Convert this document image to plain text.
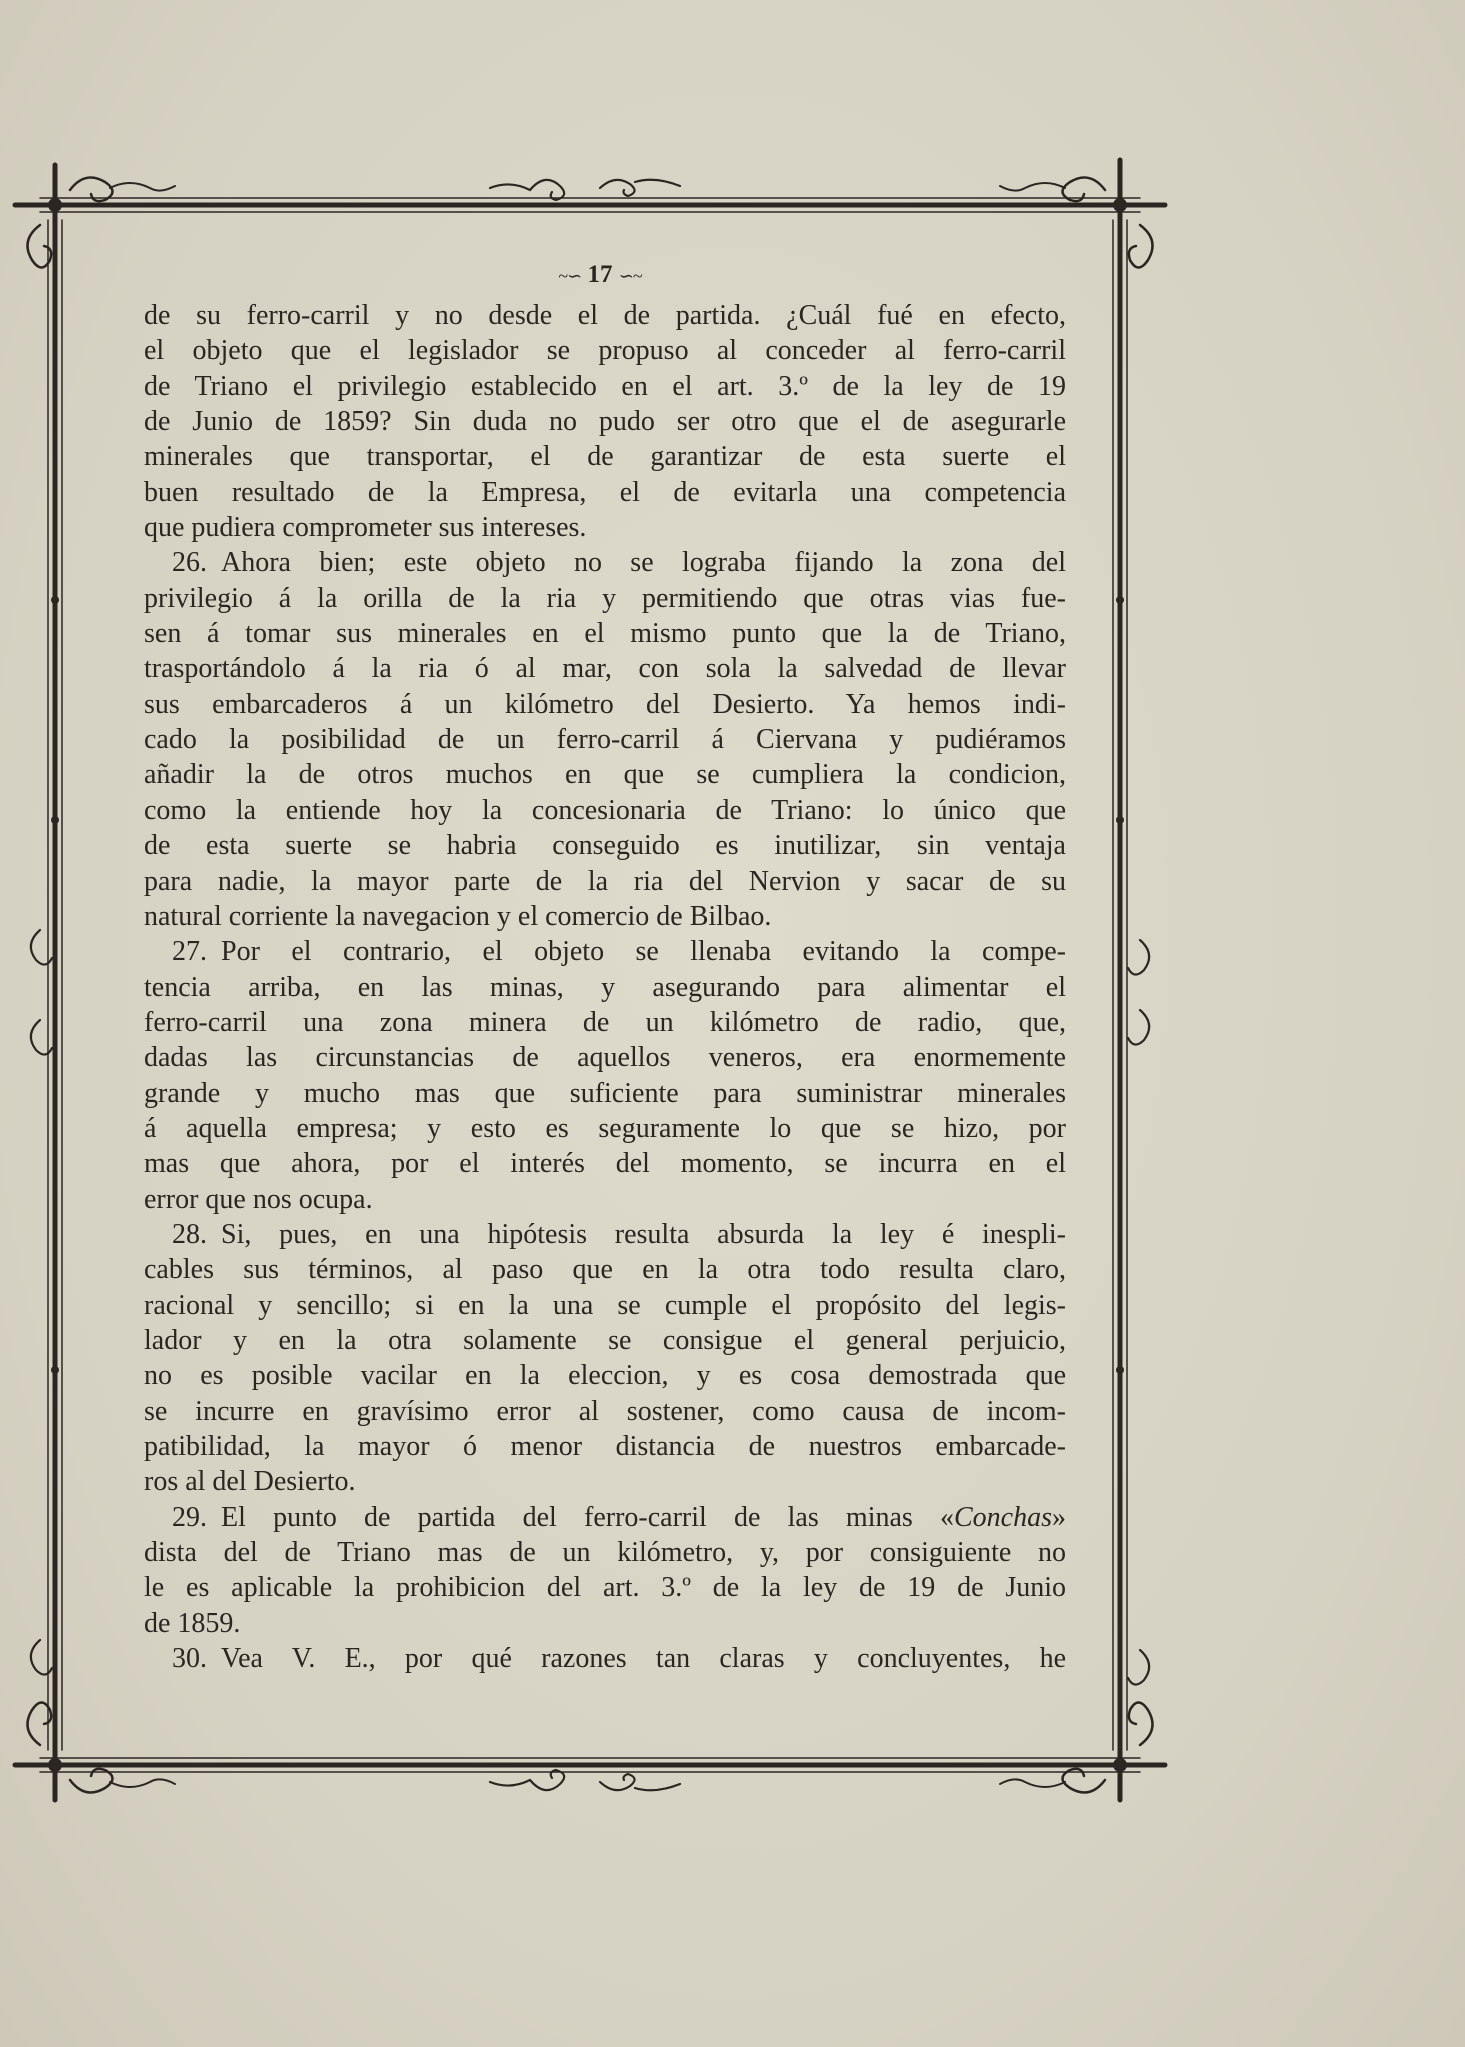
~∽ 17 ∽~
de su ferro-carril y no desde el de partida. ¿Cuál fué en efecto,
el objeto que el legislador se propuso al conceder al ferro-carril
de Triano el privilegio establecido en el art. 3.º de la ley de 19
de Junio de 1859? Sin duda no pudo ser otro que el de asegurarle
minerales que transportar, el de garantizar de esta suerte el
buen resultado de la Empresa, el de evitarla una competencia
que pudiera comprometer sus intereses.
26. Ahora bien; este objeto no se lograba fijando la zona del
privilegio á la orilla de la ria y permitiendo que otras vias fue-
sen á tomar sus minerales en el mismo punto que la de Triano,
trasportándolo á la ria ó al mar, con sola la salvedad de llevar
sus embarcaderos á un kilómetro del Desierto. Ya hemos indi-
cado la posibilidad de un ferro-carril á Ciervana y pudiéramos
añadir la de otros muchos en que se cumpliera la condicion,
como la entiende hoy la concesionaria de Triano: lo único que
de esta suerte se habria conseguido es inutilizar, sin ventaja
para nadie, la mayor parte de la ria del Nervion y sacar de su
natural corriente la navegacion y el comercio de Bilbao.
27. Por el contrario, el objeto se llenaba evitando la compe-
tencia arriba, en las minas, y asegurando para alimentar el
ferro-carril una zona minera de un kilómetro de radio, que,
dadas las circunstancias de aquellos veneros, era enormemente
grande y mucho mas que suficiente para suministrar minerales
á aquella empresa; y esto es seguramente lo que se hizo, por
mas que ahora, por el interés del momento, se incurra en el
error que nos ocupa.
28. Si, pues, en una hipótesis resulta absurda la ley é inespli-
cables sus términos, al paso que en la otra todo resulta claro,
racional y sencillo; si en la una se cumple el propósito del legis-
lador y en la otra solamente se consigue el general perjuicio,
no es posible vacilar en la eleccion, y es cosa demostrada que
se incurre en gravísimo error al sostener, como causa de incom-
patibilidad, la mayor ó menor distancia de nuestros embarcade-
ros al del Desierto.
29. El punto de partida del ferro-carril de las minas «Conchas»
dista del de Triano mas de un kilómetro, y, por consiguiente no
le es aplicable la prohibicion del art. 3.º de la ley de 19 de Junio
de 1859.
30. Vea V. E., por qué razones tan claras y concluyentes, he
